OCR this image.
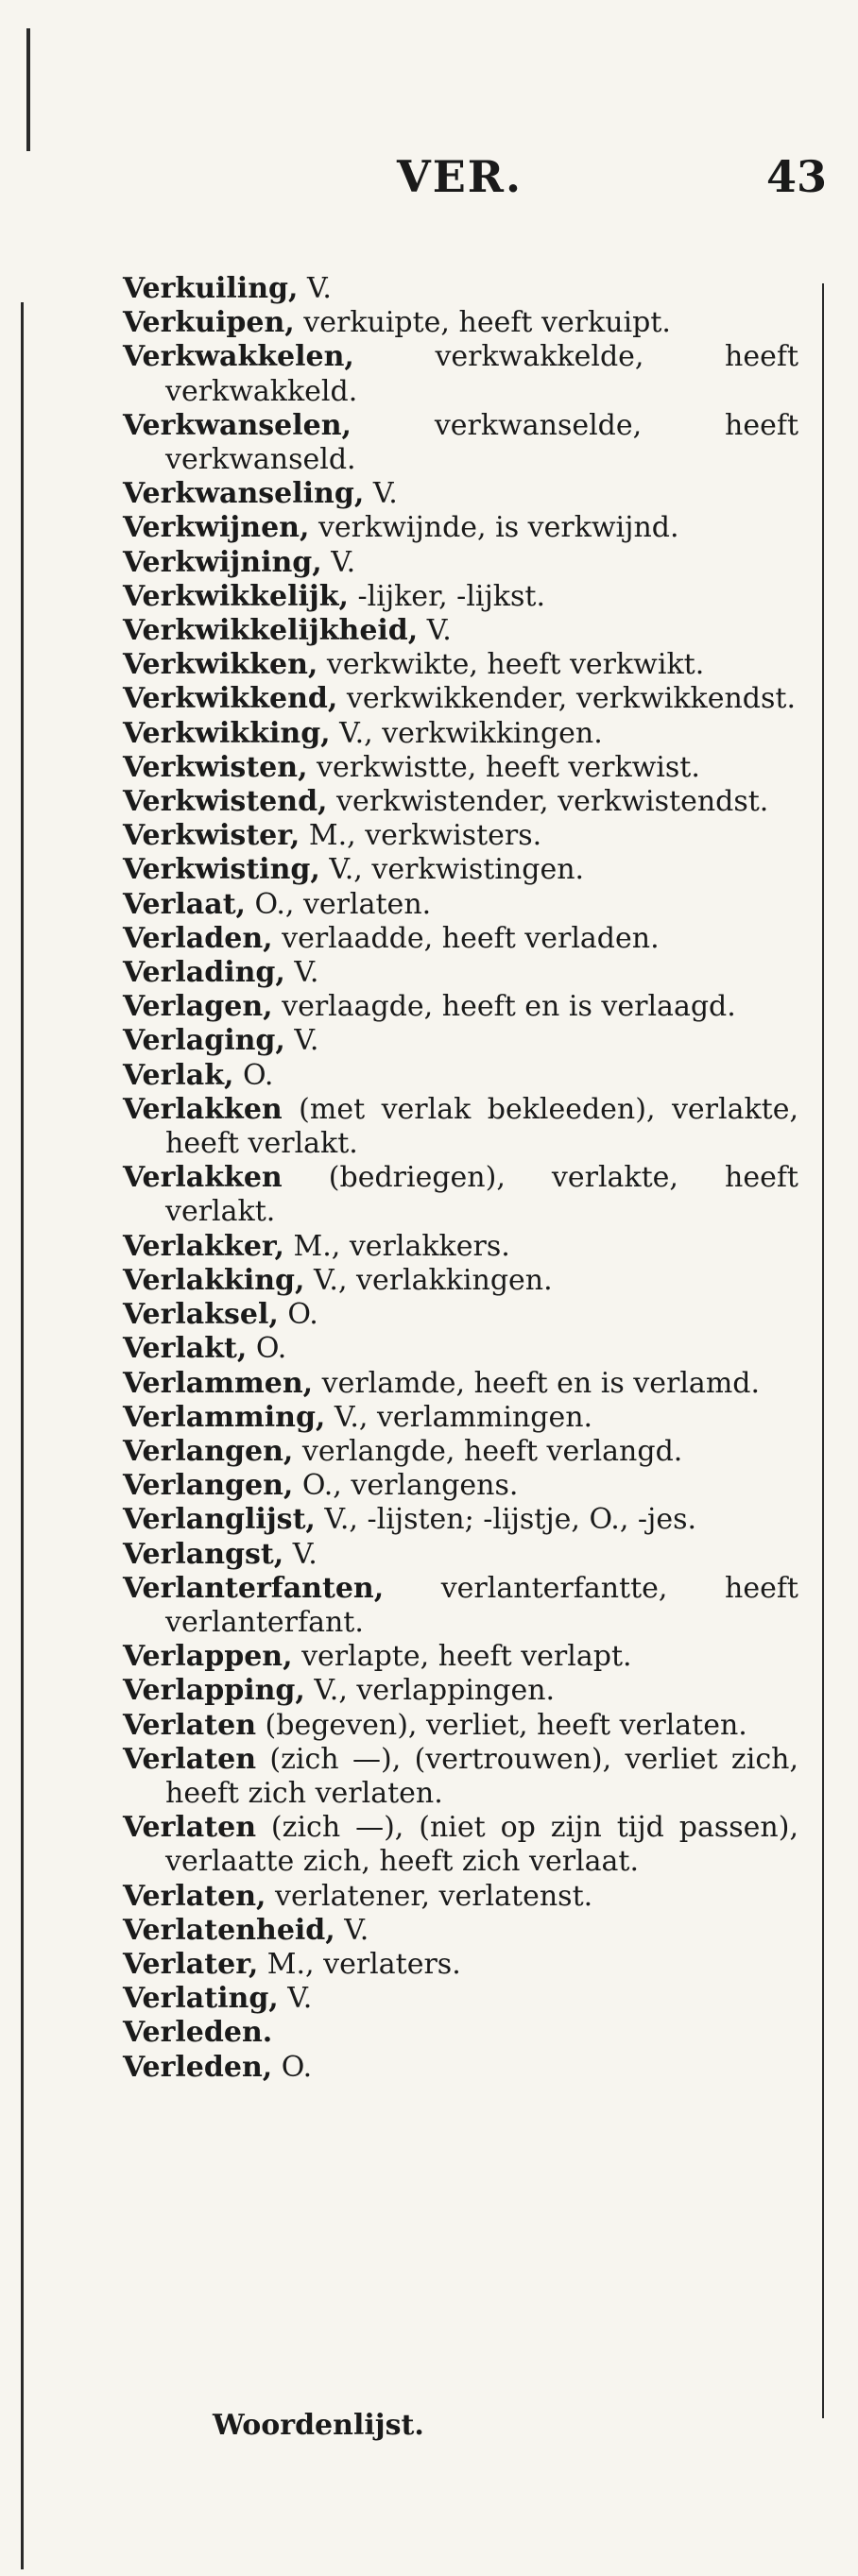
VER.	43

Verkuiling, V.

Verkuipen, verkuipte, heeft verkuipt.

Verkwakkelen, verkwakkelde, heeft verkwakkeld.

Verkwanselen, verkwanselde, heeft verkwanseld.

Verkwanseling, V.

Verkwijnen, verkwijnde, is verkwijnd.

Verkwijning, V.

Verkwikkelijk, -lijker, -lijkst.

Verkwikkelijkheid, V.

Verkwikken, verkwikte, heeft verkwikt.

Verkwikkend, verkwikkender, verkwikkendst.

Verkwikking, V., verkwikkingen.

Verkwisten, verkwistte, heeft verkwist.

Verkwistend, verkwistender, verkwistendst.

Verkwister, M., verkwisters.

Verkwisting, V., verkwistingen.

Verlaat, O., verlaten.

Verladen, verlaadde, heeft verladen.

Verlading, V.

Verlagen, verlaagde, heeft en is verlaagd.

Verlaging, V.

Verlak, O.

Verlakken (met verlak bekleeden), verlakte, heeft verlakt.

Verlakken (bedriegen), verlakte, heeft verlakt.

Verlakker, M., verlakkers.

Verlakking, V., verlakkingen.

Verlaksel, O.

Verlakt, O.

Verlammen, verlamde, heeft en is verlamd.

Verlamming, V., verlammingen.

Verlangen, verlangde, heeft verlangd.

Verlangen, O., verlangens.

Verlanglijst, V., -lijsten; -lijstje, O., -jes.

Verlangst, V.

Verlanterfanten, verlanterfantte, heeft verlanterfant.

Verlappen, verlapte, heeft verlapt.

Verlapping, V., verlappingen.

Verlaten (begeven), verliet, heeft verlaten.

Verlaten (zich —), (vertrouwen), verliet zich, heeft zich verlaten.

Verlaten (zich —), (niet op zijn tijd passen), verlaatte zich, heeft zich verlaat.

Verlaten, verlatener, verlatenst.

Verlatenheid, V.

Verlater, M., verlaters.

Verlating, V.

Verleden.

Verleden, O.

Woordenlijst.
